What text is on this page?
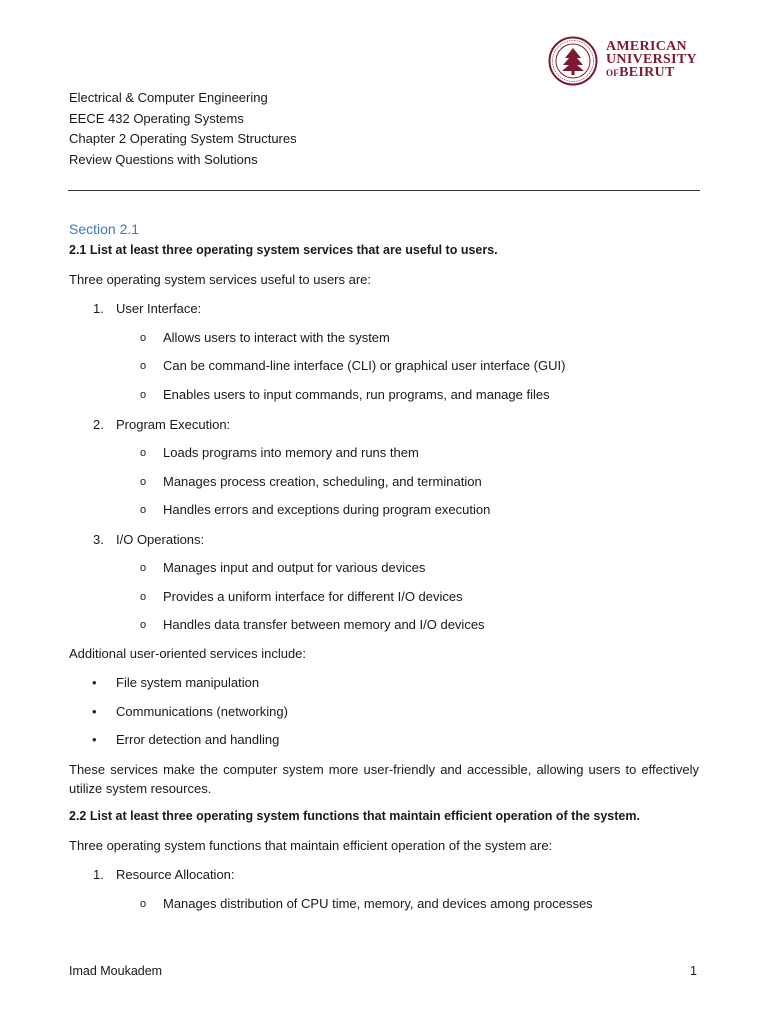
AMERICAN
UNIVERSITY
OFBEIRUT
Electrical & Computer Engineering
EECE 432 Operating Systems
Chapter 2 Operating System Structures
Review Questions with Solutions
Section 2.1
2.1 List at least three operating system services that are useful to users.
Three operating system services useful to users are:
1. User Interface:
o Allows users to interact with the system
o Can be command-line interface (CLI) or graphical user interface (GUI)
o Enables users to input commands, run programs, and manage files
2. Program Execution:
o Loads programs into memory and runs them
o Manages process creation, scheduling, and termination
o Handles errors and exceptions during program execution
3. I/O Operations:
o Manages input and output for various devices
o Provides a uniform interface for different I/O devices
o Handles data transfer between memory and I/O devices
Additional user-oriented services include:
• File system manipulation
• Communications (networking)
• Error detection and handling
These services make the computer system more user-friendly and accessible, allowing users to effectively utilize system resources.
2.2 List at least three operating system functions that maintain efficient operation of the system.
Three operating system functions that maintain efficient operation of the system are:
1. Resource Allocation:
o Manages distribution of CPU time, memory, and devices among processes
Imad Moukadem	1
